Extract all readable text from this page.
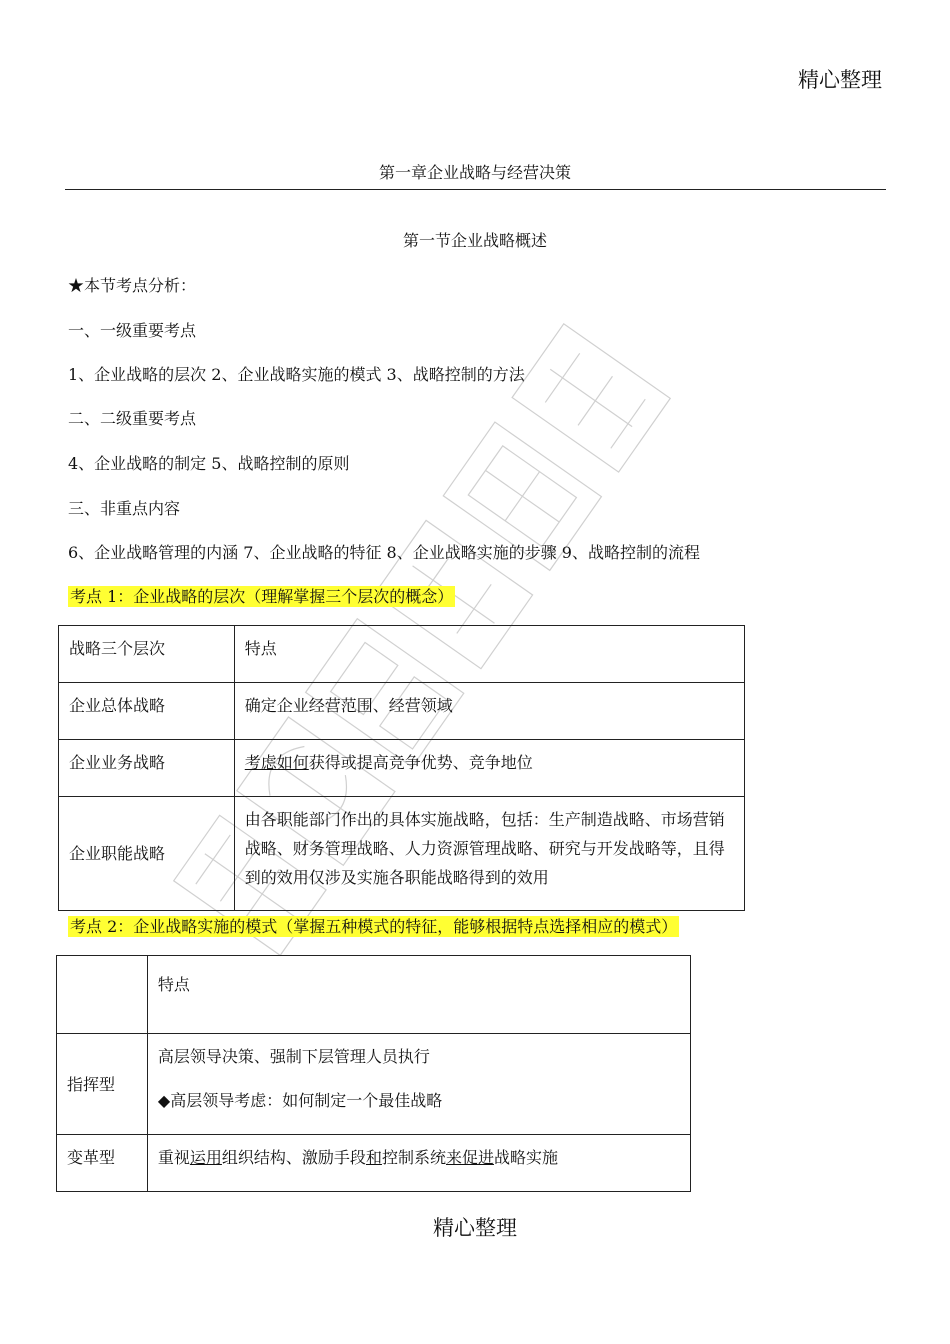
精心整理
第一章企业战略与经营决策
第一节企业战略概述
★本节考点分析：
一、一级重要考点
1、企业战略的层次 2、企业战略实施的模式 3、战略控制的方法
二、二级重要考点
4、企业战略的制定 5、战略控制的原则
三、非重点内容
6、企业战略管理的内涵 7、企业战略的特征 8、企业战略实施的步骤 9、战略控制的流程
考点 1：企业战略的层次（理解掌握三个层次的概念）
战略三个层次	特点
企业总体战略	确定企业经营范围、经营领域
企业业务战略	考虑如何获得或提高竞争优势、竞争地位
企业职能战略	由各职能部门作出的具体实施战略，包括：生产制造战略、市场营销战略、财务管理战略、人力资源管理战略、研究与开发战略等，且得到的效用仅涉及实施各职能战略得到的效用
考点 2：企业战略实施的模式（掌握五种模式的特征，能够根据特点选择相应的模式）
	特点
指挥型	高层领导决策、强制下层管理人员执行
◆高层领导考虑：如何制定一个最佳战略

变革型	重视运用组织结构、激励手段和控制系统来促进战略实施
精心整理
